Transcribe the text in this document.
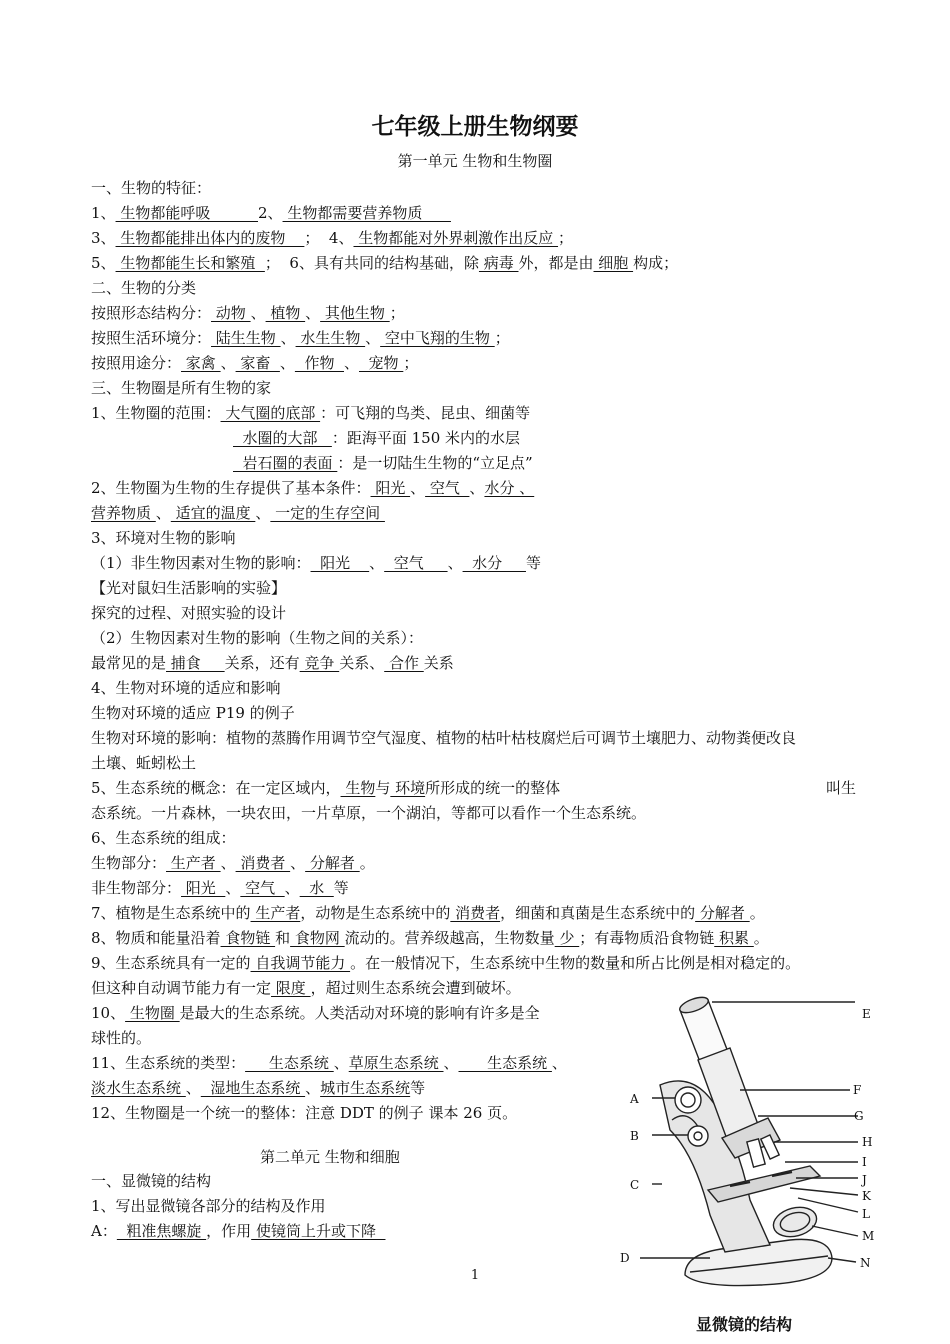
七年级上册生物纲要
第一单元 生物和生物圈
一、生物的特征：
1、 生物都能呼吸          2、 生物都需要营养物质
3、 生物都能排出体内的废物    ；  4、 生物都能对外界刺激作出反应 ；
5、 生物都能生长和繁殖  ；  6、具有共同的结构基础，除 病毒 外，都是由 细胞 构成；
二、生物的分类
按照形态结构分： 动物 、 植物 、 其他生物 ；
按照生活环境分： 陆生生物 、 水生生物 、 空中飞翔的生物 ；
按照用途分： 家禽 、 家畜  、  作物  、  宠物 ；
三、生物圈是所有生物的家
1、生物圈的范围： 大气圈的底部 ：可飞翔的鸟类、昆虫、细菌等
水圈的大部   ：距海平面 150 米内的水层
岩石圈的表面 ：是一切陆生生物的“立足点”
2、生物圈为生物的生存提供了基本条件： 阳光 、 空气  、水分 、
营养物质 、 适宜的温度 、 一定的生存空间
3、环境对生物的影响
（1）非生物因素对生物的影响：  阳光    、  空气     、  水分     等
【光对鼠妇生活影响的实验】
探究的过程、对照实验的设计
（2）生物因素对生物的影响（生物之间的关系）：
最常见的是 捕食     关系，还有 竞争 关系、 合作 关系
4、生物对环境的适应和影响
生物对环境的适应 P19 的例子
生物对环境的影响：植物的蒸腾作用调节空气湿度、植物的枯叶枯枝腐烂后可调节土壤肥力、动物粪便改良
土壤、蚯蚓松土
5、生态系统的概念：在一定区域内， 生物与 环境所形成的统一的整体
态系统。一片森林，一块农田，一片草原，一个湖泊，等都可以看作一个生态系统。
6、生态系统的组成：
生物部分： 生产者 、 消费者 、 分解者 。
非生物部分： 阳光  、 空气  、  水  等
7、植物是生态系统中的 生产者，动物是生态系统中的 消费者，细菌和真菌是生态系统中的 分解者 。
8、物质和能量沿着 食物链 和 食物网 流动的。营养级越高，生物数量 少 ；有毒物质沿食物链 积累 。
9、生态系统具有一定的 自我调节能力 。在一般情况下，生态系统中生物的数量和所占比例是相对稳定的。
但这种自动调节能力有一定 限度 ，超过则生态系统会遭到破坏。
10、 生物圈 是最大的生态系统。人类活动对环境的影响有许多是全
球性的。
11、生态系统的类型：     生态系统 、草原生态系统 、      生态系统 、
淡水生态系统 、  湿地生态系统 、城市生态系统等
12、生物圈是一个统一的整体：注意 DDT 的例子 课本 26 页。
一、显微镜的结构
1、写出显微镜各部分的结构及作用
A：  粗准焦螺旋 ，作用 使镜筒上升或下降
叫生
第二单元 生物和细胞
A
B
C
D
E
F
G
H
I
J
K
L
M
N
显微镜的结构
1
